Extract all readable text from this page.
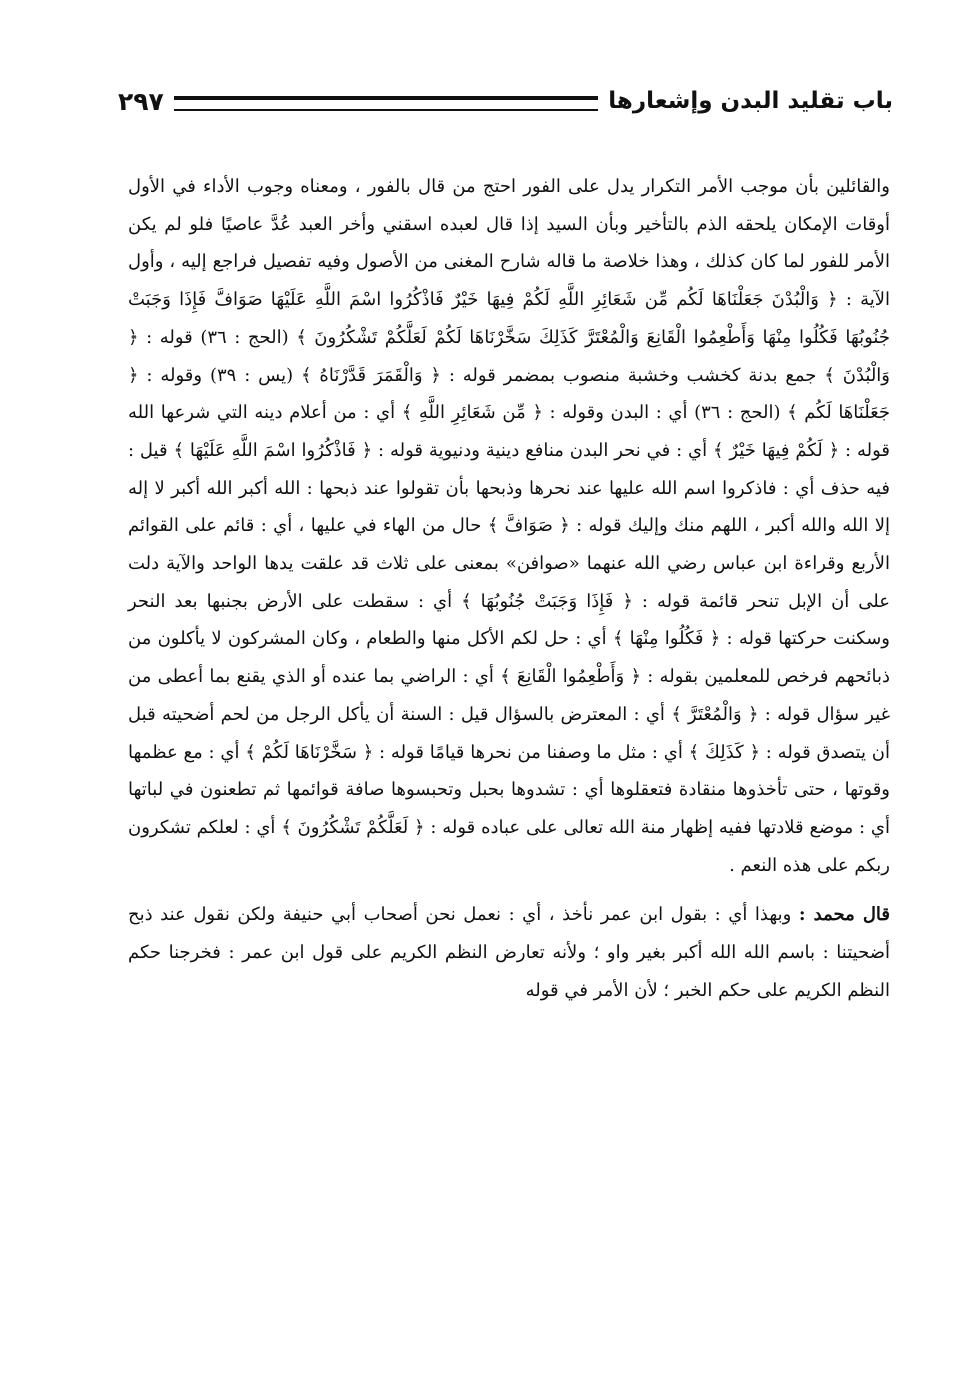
باب تقليد البدن وإشعارها
٢٩٧

والقائلين بأن موجب الأمر التكرار يدل على الفور احتج من قال بالفور ، ومعناه وجوب الأداء في الأول أوقات الإمكان يلحقه الذم بالتأخير وبأن السيد إذا قال لعبده اسقني وأخر العبد عُدَّ عاصيًا فلو لم يكن الأمر للفور لما كان كذلك ، وهذا خلاصة ما قاله شارح المغنى من الأصول وفيه تفصيل فراجع إليه ، وأول الآية : ﴿ وَالْبُدْنَ جَعَلْنَاهَا لَكُم مِّن شَعَائِرِ اللَّهِ لَكُمْ فِيهَا خَيْرٌ فَاذْكُرُوا اسْمَ اللَّهِ عَلَيْهَا صَوَافَّ فَإِذَا وَجَبَتْ جُنُوبُهَا فَكُلُوا مِنْهَا وَأَطْعِمُوا الْقَانِعَ وَالْمُعْتَرَّ كَذَلِكَ سَخَّرْنَاهَا لَكُمْ لَعَلَّكُمْ تَشْكُرُونَ ﴾ (الحج : ٣٦) قوله : ﴿ وَالْبُدْنَ ﴾ جمع بدنة كخشب وخشبة منصوب بمضمر قوله : ﴿ وَالْقَمَرَ قَدَّرْنَاهُ ﴾ (يس : ٣٩) وقوله : ﴿ جَعَلْنَاهَا لَكُم ﴾ (الحج : ٣٦) أي : البدن وقوله : ﴿ مِّن شَعَائِرِ اللَّهِ ﴾ أي : من أعلام دينه التي شرعها الله قوله : ﴿ لَكُمْ فِيهَا خَيْرٌ ﴾ أي : في نحر البدن منافع دينية ودنيوية قوله : ﴿ فَاذْكُرُوا اسْمَ اللَّهِ عَلَيْهَا ﴾ قيل : فيه حذف أي : فاذكروا اسم الله عليها عند نحرها وذبحها بأن تقولوا عند ذبحها : الله أكبر الله أكبر لا إله إلا الله والله أكبر ، اللهم منك وإليك قوله : ﴿ صَوَافَّ ﴾ حال من الهاء في عليها ، أي : قائم على القوائم الأربع وقراءة ابن عباس رضي الله عنهما «صوافن» بمعنى على ثلاث قد علقت يدها الواحد والآية دلت على أن الإبل تنحر قائمة قوله : ﴿ فَإِذَا وَجَبَتْ جُنُوبُهَا ﴾ أي : سقطت على الأرض بجنبها بعد النحر وسكنت حركتها قوله : ﴿ فَكُلُوا مِنْهَا ﴾ أي : حل لكم الأكل منها والطعام ، وكان المشركون لا يأكلون من ذبائحهم فرخص للمعلمين بقوله : ﴿ وَأَطْعِمُوا الْقَانِعَ ﴾ أي : الراضي بما عنده أو الذي يقنع بما أعطى من غير سؤال قوله : ﴿ وَالْمُعْتَرَّ ﴾ أي : المعترض بالسؤال قيل : السنة أن يأكل الرجل من لحم أضحيته قبل أن يتصدق قوله : ﴿ كَذَلِكَ ﴾ أي : مثل ما وصفنا من نحرها قيامًا قوله : ﴿ سَخَّرْنَاهَا لَكُمْ ﴾ أي : مع عظمها وقوتها ، حتى تأخذوها منقادة فتعقلوها أي : تشدوها بحبل وتحبسوها صافة قوائمها ثم تطعنون في لباتها أي : موضع قلادتها ففيه إظهار منة الله تعالى على عباده قوله : ﴿ لَعَلَّكُمْ تَشْكُرُونَ ﴾ أي : لعلكم تشكرون ربكم على هذه النعم .

قال محمد : وبهذا أي : بقول ابن عمر نأخذ ، أي : نعمل نحن أصحاب أبي حنيفة ولكن نقول عند ذبح أضحيتنا : باسم الله الله أكبر بغير واو ؛ ولأنه تعارض النظم الكريم على قول ابن عمر : فخرجنا حكم النظم الكريم على حكم الخبر ؛ لأن الأمر في قوله
